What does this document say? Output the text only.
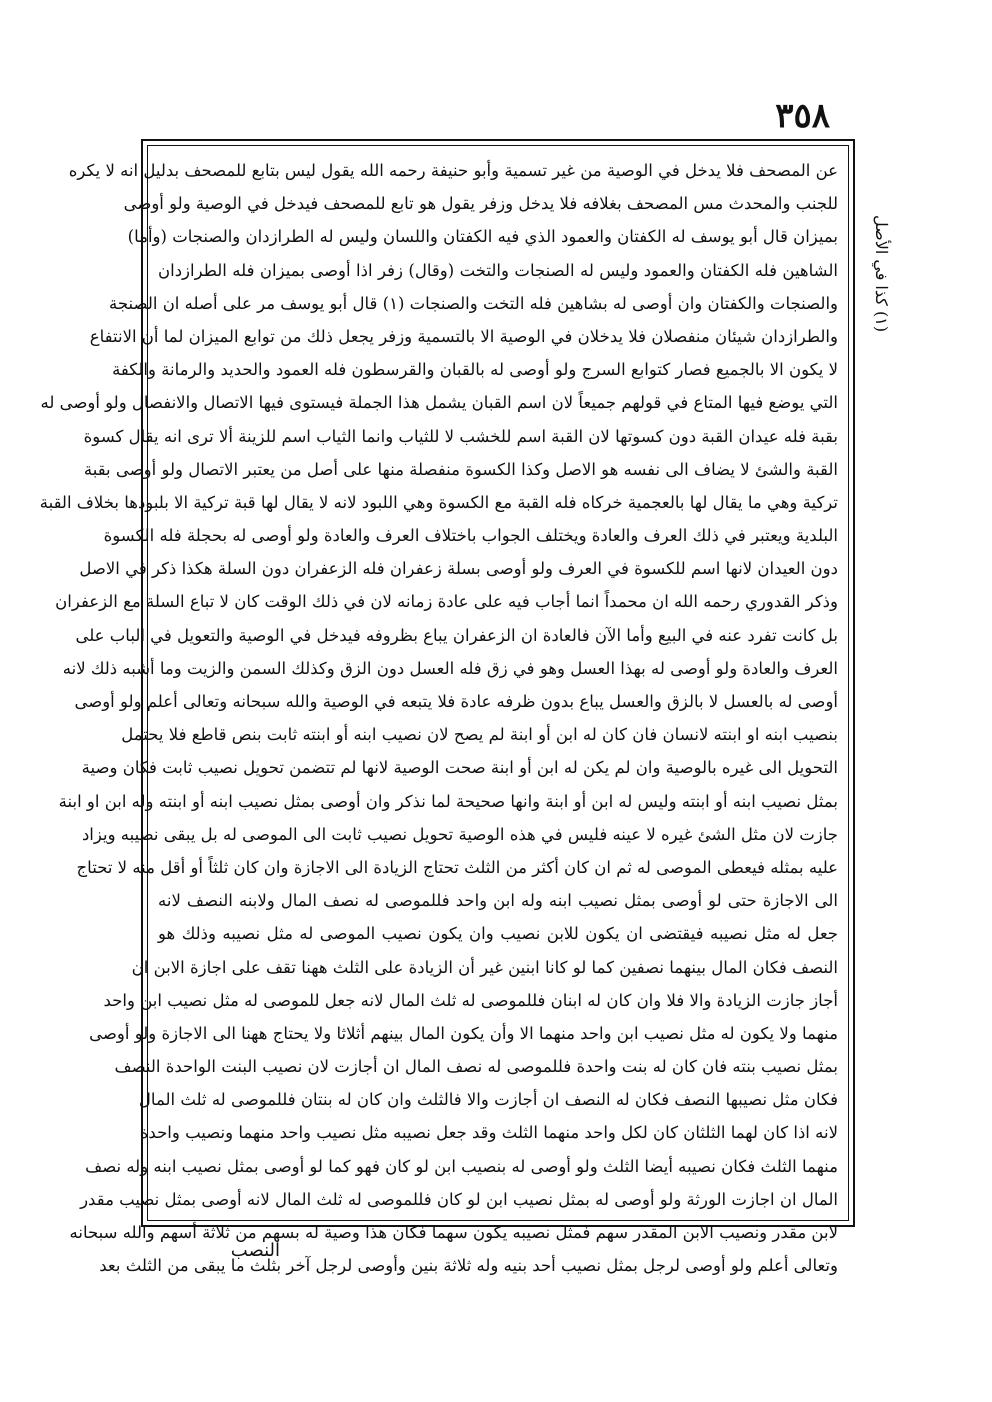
٣٥٨
(١) كذا في الأصل
عن المصحف فلا يدخل في الوصية من غير تسمية وأبو حنيفة رحمه الله يقول ليس بتابع للمصحف بدليل انه لا يكره
للجنب والمحدث مس المصحف بغلافه فلا يدخل وزفر يقول هو تابع للمصحف فيدخل في الوصية ولو أوصى
بميزان قال أبو يوسف له الكفتان والعمود الذي فيه الكفتان واللسان وليس له الطرازدان والصنجات (وأما)
الشاهين فله الكفتان والعمود وليس له الصنجات والتخت (وقال) زفر اذا أوصى بميزان فله الطرازدان
والصنجات والكفتان وان أوصى له بشاهين فله التخت والصنجات (١) قال أبو يوسف مر على أصله ان الصنجة
والطرازدان شيئان منفصلان فلا يدخلان في الوصية الا بالتسمية وزفر يجعل ذلك من توابع الميزان لما أن الانتفاع
لا يكون الا بالجميع فصار كتوابع السرج ولو أوصى له بالقبان والقرسطون فله العمود والحديد والرمانة والكفة
التي يوضع فيها المتاع في قولهم جميعاً لان اسم القبان يشمل هذا الجملة فيستوى فيها الاتصال والانفصال ولو أوصى له
بقبة فله عيدان القبة دون كسوتها لان القبة اسم للخشب لا للثياب وانما الثياب اسم للزينة ألا ترى انه يقال كسوة
القبة والشئ لا يضاف الى نفسه هو الاصل وكذا الكسوة منفصلة منها على أصل من يعتبر الاتصال ولو أوصى بقبة
تركية وهي ما يقال لها بالعجمية خركاه فله القبة مع الكسوة وهي اللبود لانه لا يقال لها قبة تركية الا بلبودها بخلاف القبة
البلدية ويعتبر في ذلك العرف والعادة ويختلف الجواب باختلاف العرف والعادة ولو أوصى له بحجلة فله الكسوة
دون العيدان لانها اسم للكسوة في العرف ولو أوصى بسلة زعفران فله الزعفران دون السلة هكذا ذكر في الاصل
وذكر القدوري رحمه الله ان محمداً انما أجاب فيه على عادة زمانه لان في ذلك الوقت كان لا تباع السلة مع الزعفران
بل كانت تفرد عنه في البيع وأما الآن فالعادة ان الزعفران يباع بظروفه فيدخل في الوصية والتعويل في الباب على
العرف والعادة ولو أوصى له بهذا العسل وهو في زق فله العسل دون الزق وكذلك السمن والزيت وما أشبه ذلك لانه
أوصى له بالعسل لا بالزق والعسل يباع بدون ظرفه عادة فلا يتبعه في الوصية والله سبحانه وتعالى أعلم ولو أوصى
بنصيب ابنه او ابنته لانسان فان كان له ابن أو ابنة لم يصح لان نصيب ابنه أو ابنته ثابت بنص قاطع فلا يحتمل
التحويل الى غيره بالوصية وان لم يكن له ابن أو ابنة صحت الوصية لانها لم تتضمن تحويل نصيب ثابت فكان وصية
بمثل نصيب ابنه أو ابنته وليس له ابن أو ابنة وانها صحيحة لما نذكر وان أوصى بمثل نصيب ابنه أو ابنته وله ابن او ابنة
جازت لان مثل الشئ غيره لا عينه فليس في هذه الوصية تحويل نصيب ثابت الى الموصى له بل يبقى نصيبه ويزاد
عليه بمثله فيعطى الموصى له ثم ان كان أكثر من الثلث تحتاج الزيادة الى الاجازة وان كان ثلثاً أو أقل منه لا تحتاج
الى الاجازة حتى لو أوصى بمثل نصيب ابنه وله ابن واحد فللموصى له نصف المال ولابنه النصف لانه
جعل له مثل نصيبه فيقتضى ان يكون للابن نصيب وان يكون نصيب الموصى له مثل نصيبه وذلك هو
النصف فكان المال بينهما نصفين كما لو كانا ابنين غير أن الزيادة على الثلث ههنا تقف على اجازة الابن ان
أجاز جازت الزيادة والا فلا وان كان له ابنان فللموصى له ثلث المال لانه جعل للموصى له مثل نصيب ابن واحد
منهما ولا يكون له مثل نصيب ابن واحد منهما الا وأن يكون المال بينهم أثلاثا ولا يحتاج ههنا الى الاجازة ولو أوصى
بمثل نصيب بنته فان كان له بنت واحدة فللموصى له نصف المال ان أجازت لان نصيب البنت الواحدة النصف
فكان مثل نصيبها النصف فكان له النصف ان أجازت والا فالثلث وان كان له بنتان فللموصى له ثلث المال
لانه اذا كان لهما الثلثان كان لكل واحد منهما الثلث وقد جعل نصيبه مثل نصيب واحد منهما ونصيب واحدة
منهما الثلث فكان نصيبه أيضا الثلث ولو أوصى له بنصيب ابن لو كان فهو كما لو أوصى بمثل نصيب ابنه وله نصف
المال ان اجازت الورثة ولو أوصى له بمثل نصيب ابن لو كان فللموصى له ثلث المال لانه أوصى بمثل نصيب مقدر
لابن مقدر ونصيب الابن المقدر سهم فمثل نصيبه يكون سهما فكان هذا وصية له بسهم من ثلاثة أسهم والله سبحانه
وتعالى أعلم ولو أوصى لرجل بمثل نصيب أحد بنيه وله ثلاثة بنين وأوصى لرجل آخر بثلث ما يبقى من الثلث بعد
النصب
